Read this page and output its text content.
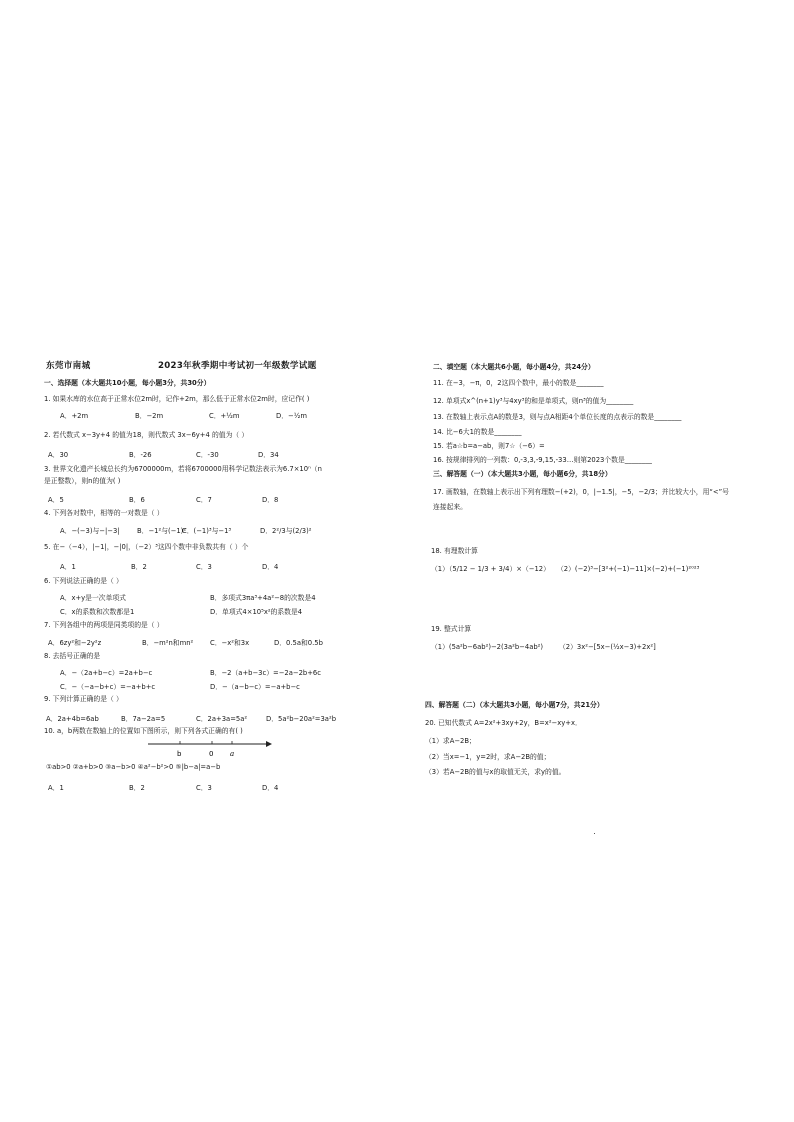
东莞市南城	2023年秋季期中考试初一年级数学试题
一、选择题（本大题共10小题，每小题3分，共30分）
1. 如果水库的水位高于正常水位2m时，记作+2m，那么低于正常水位2m时，应记作( )
A．+2m	B．−2m	C．+½m	D．−½m
2. 若代数式 x−3y+4 的值为18，则代数式 3x−6y+4 的值为（ ）
A．30	B．-26	C．-30	D．34
3. 世界文化遗产长城总长约为6700000m，若将6700000用科学记数法表示为6.7×10ⁿ（n
是正整数），则n的值为( )
A．5	B．6	C．7	D．8
4. 下列各对数中，相等的一对数是（ ）
A．−(−3)与−|−3|	B．−1²与(−1)²
C．(−1)³与−1³	D．2²/3与(2/3)²
5. 在−（−4），|−1|，−|0|，（−2）³这四个数中非负数共有（ ）个
A．1	B．2	C．3	D．4
6. 下列说法正确的是（ ）
A．x+y是一次单项式	B．多项式3πa³+4a²−8的次数是4
C．x的系数和次数都是1	D．单项式4×10⁵x²的系数是4
7. 下列各组中的两项是同类项的是（ ）
A．6zy²和−2y²z	B．−m²n和mn² C．−x²和3x	D．0.5a和0.5b
8. 去括号正确的是
A．−（2a+b−c）=2a+b−c	B．−2（a+b−3c）=−2a−2b+6c
C．−（−a−b+c）=−a+b+c	D．−（a−b−c）=−a+b−c
9. 下列计算正确的是（ ）
A．2a+4b=6ab	B．7a−2a=5	C．2a+3a=5a²	D．5a²b−20a²=3a²b
10. a，b两数在数轴上的位置如下图所示，则下列各式正确的有( )
b	0 a
①ab>0 ②a+b>0 ③a−b>0 ④a²−b²>0 ⑤|b−a|=a−b
A．1	B．2	C．3	D．4
二、填空题（本大题共6小题，每小题4分，共24分）
11. 在−3，−π，0，2这四个数中，最小的数是________
12. 单项式x^(n+1)y³与4xy³的和是单项式，则n³的值为________
13. 在数轴上表示点A的数是3，则与点A相距4个单位长度的点表示的数是________
14. 比−6大1的数是________
15. 若a☆b=a−ab，则7☆（−6）=
16. 按规律排列的一列数：0,-3,3,-9,15,-33…则第2023个数是________
三、解答题（一）（本大题共3小题，每小题6分，共18分）
17. 画数轴，在数轴上表示出下列有理数−(+2)，0，|−1.5|，−5，−2/3；并比较大小，用“<”号
连接起来。
18. 有理数计算
（1）（5/12 − 1/3 + 3/4）×（−12） （2）(−2)³−[3²+(−1)−11]×(−2)+(−1)²⁰²³
19. 整式计算
（1）(5a²b−6ab²)−2(3a²b−4ab²) （2）3x²−[5x−(½x−3)+2x²]
四、解答题（二）（本大题共3小题，每小题7分，共21分）
20. 已知代数式 A=2x²+3xy+2y，B=x²−xy+x．
（1）求A−2B；
（2）当x=−1，y=2时，求A−2B的值；
（3）若A−2B的值与x的取值无关，求y的值。
